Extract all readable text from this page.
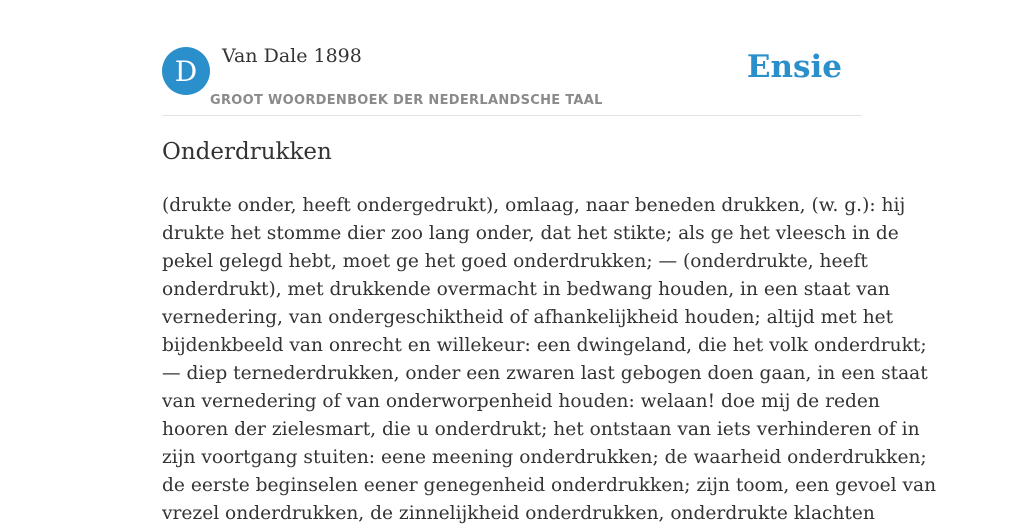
D	Van Dale 1898
GROOT WOORDENBOEK DER NEDERLANDSCHE TAAL
Ensie
Onderdrukken
(drukte onder, heeft ondergedrukt), omlaag, naar beneden drukken, (w. g.): hij
drukte het stomme dier zoo lang onder, dat het stikte; als ge het vleesch in de
pekel gelegd hebt, moet ge het goed onderdrukken; — (onderdrukte, heeft
onderdrukt), met drukkende overmacht in bedwang houden, in een staat van
vernedering, van ondergeschiktheid of afhankelijkheid houden; altijd met het
bijdenkbeeld van onrecht en willekeur: een dwingeland, die het volk onderdrukt;
— diep ternederdrukken, onder een zwaren last gebogen doen gaan, in een staat
van vernedering of van onderworpenheid houden: welaan! doe mij de reden
hooren der zielesmart, die u onderdrukt; het ontstaan van iets verhinderen of in
zijn voortgang stuiten: eene meening onderdrukken; de waarheid onderdrukken;
de eerste beginselen eener genegenheid onderdrukken; zijn toom, een gevoel van
vrezel onderdrukken, de zinnelijkheid onderdrukken, onderdrukte klachten
